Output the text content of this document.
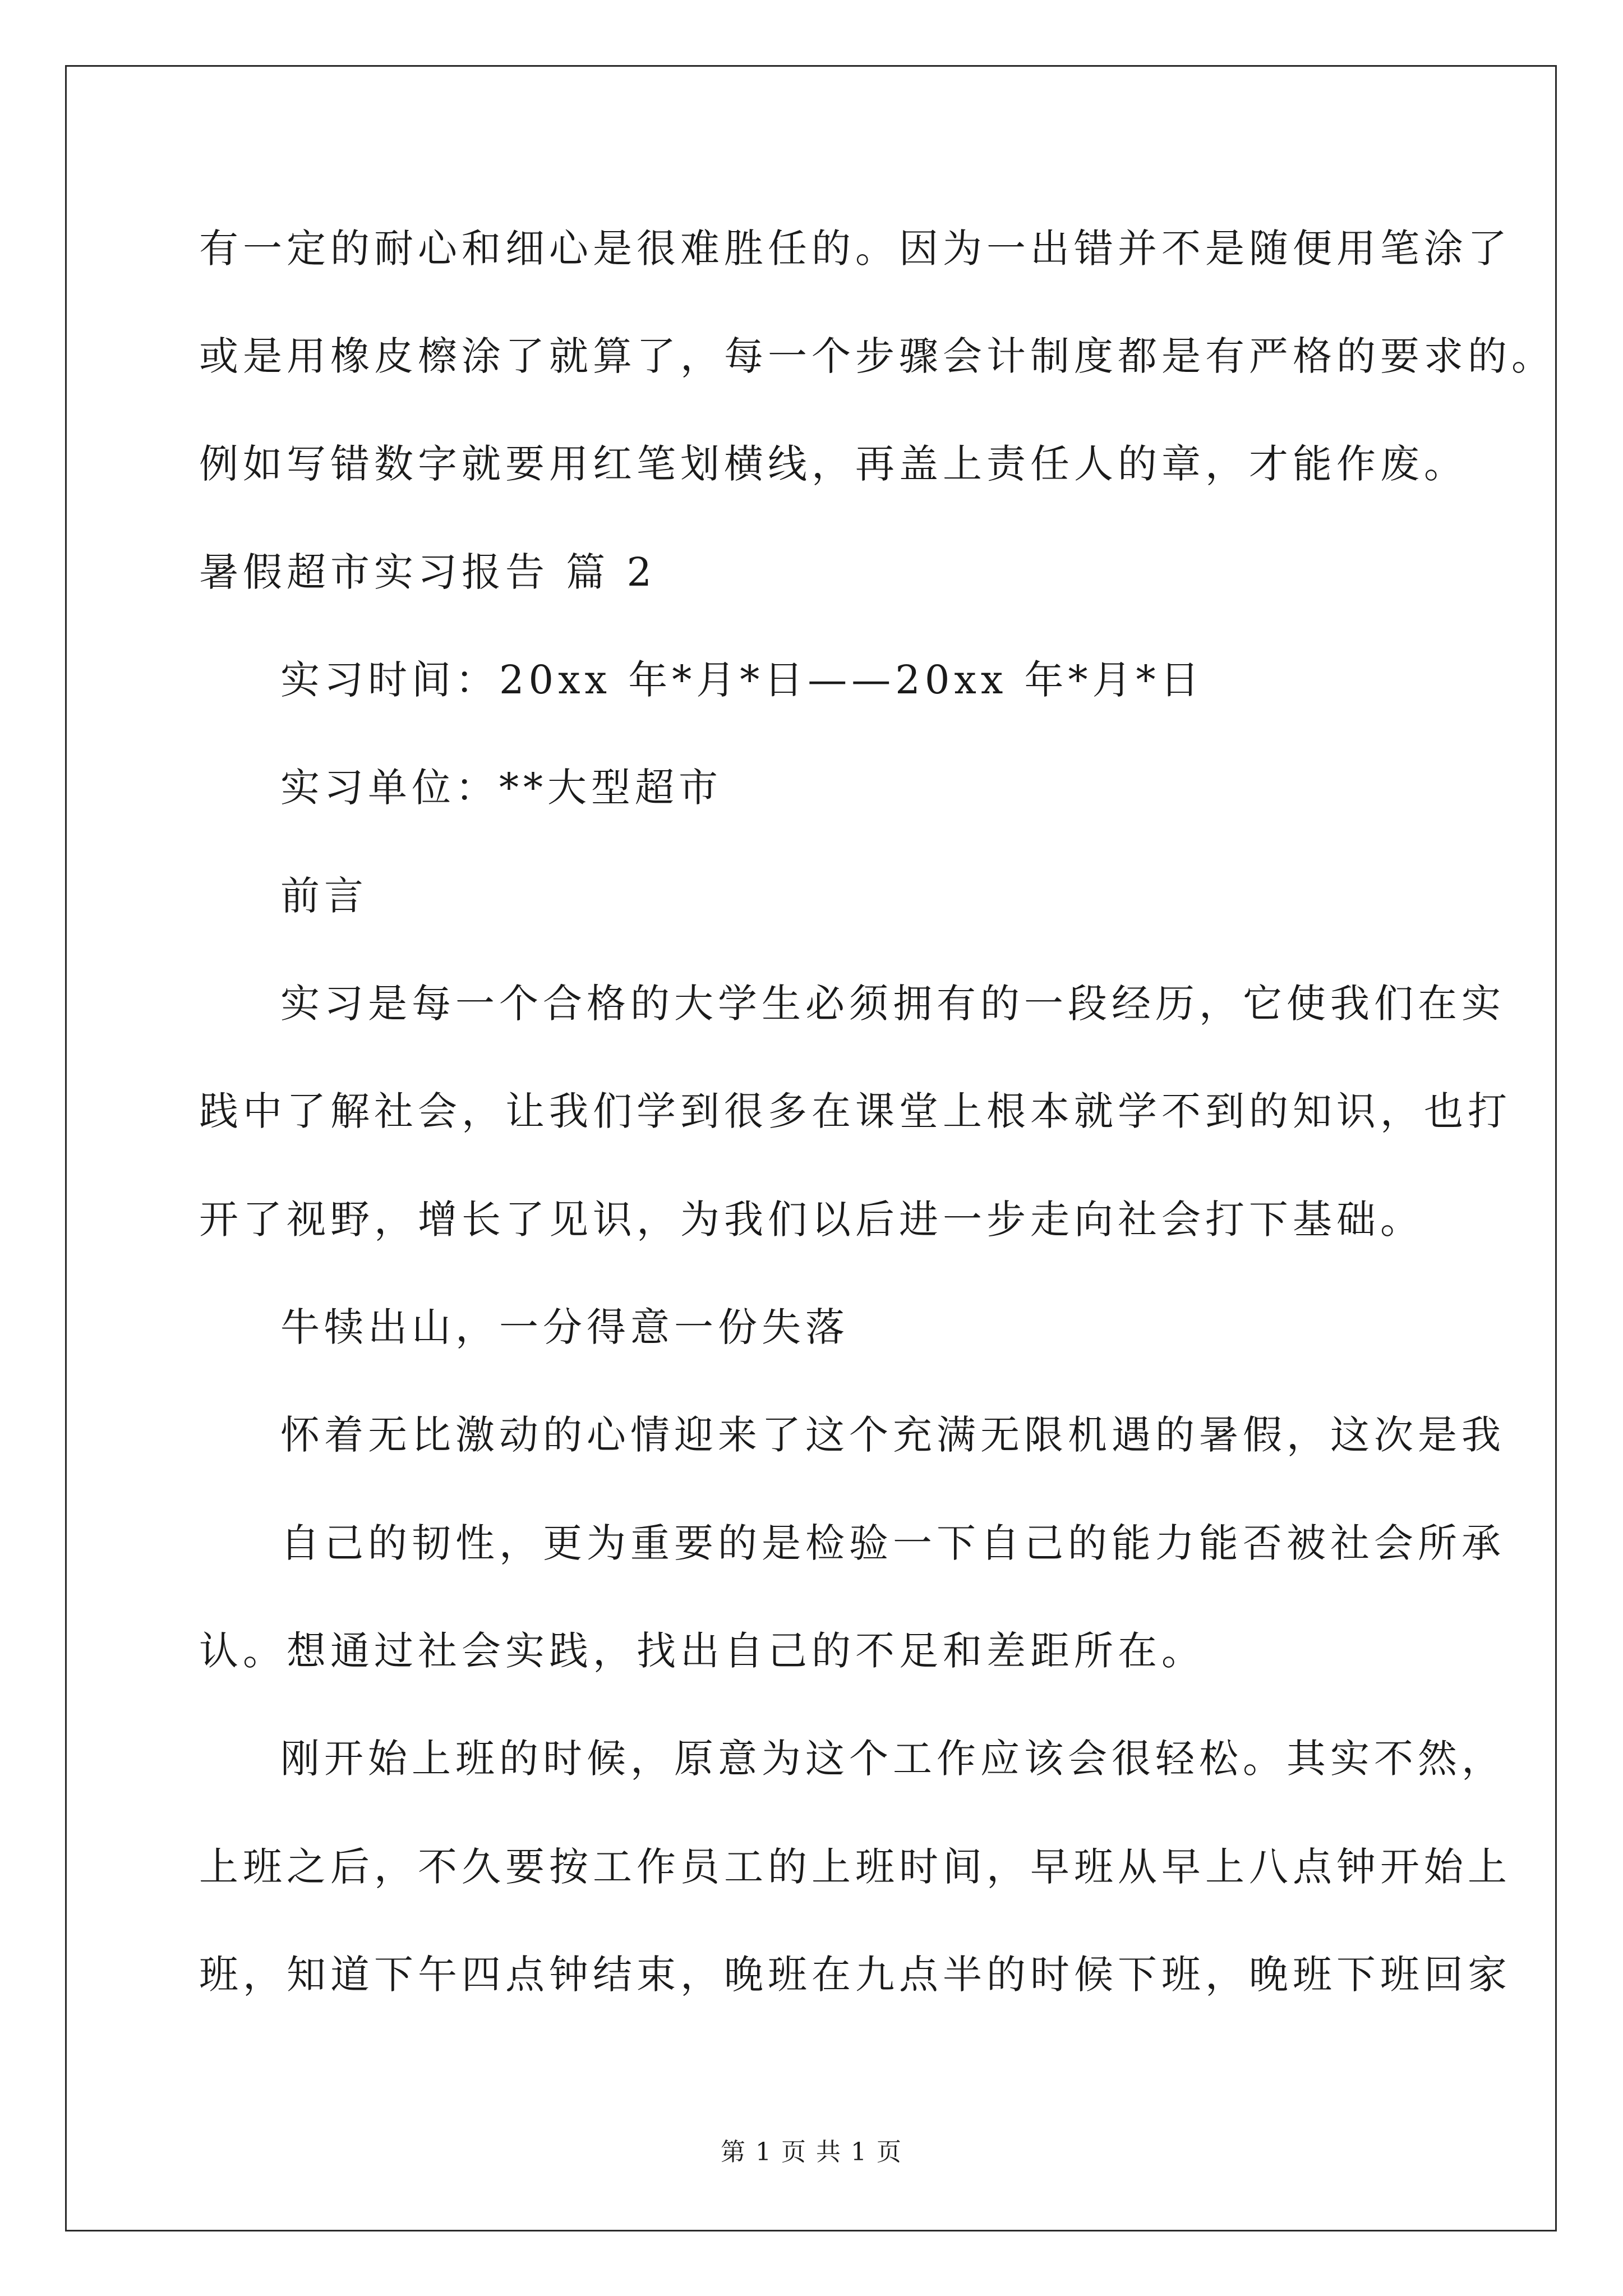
有一定的耐心和细心是很难胜任的。因为一出错并不是随便用笔涂了
或是用橡皮檫涂了就算了，每一个步骤会计制度都是有严格的要求的。
例如写错数字就要用红笔划横线，再盖上责任人的章，才能作废。
暑假超市实习报告 篇 2
实习时间：20xx 年*月*日——20xx 年*月*日
实习单位：**大型超市
前言
实习是每一个合格的大学生必须拥有的一段经历，它使我们在实
践中了解社会，让我们学到很多在课堂上根本就学不到的知识，也打
开了视野，增长了见识，为我们以后进一步走向社会打下基础。
牛犊出山，一分得意一份失落
怀着无比激动的心情迎来了这个充满无限机遇的暑假，这次是我
自己的韧性，更为重要的是检验一下自己的能力能否被社会所承
认。想通过社会实践，找出自己的不足和差距所在。
刚开始上班的时候，原意为这个工作应该会很轻松。其实不然，
上班之后，不久要按工作员工的上班时间，早班从早上八点钟开始上
班，知道下午四点钟结束，晚班在九点半的时候下班，晚班下班回家
第 1 页 共 1 页
